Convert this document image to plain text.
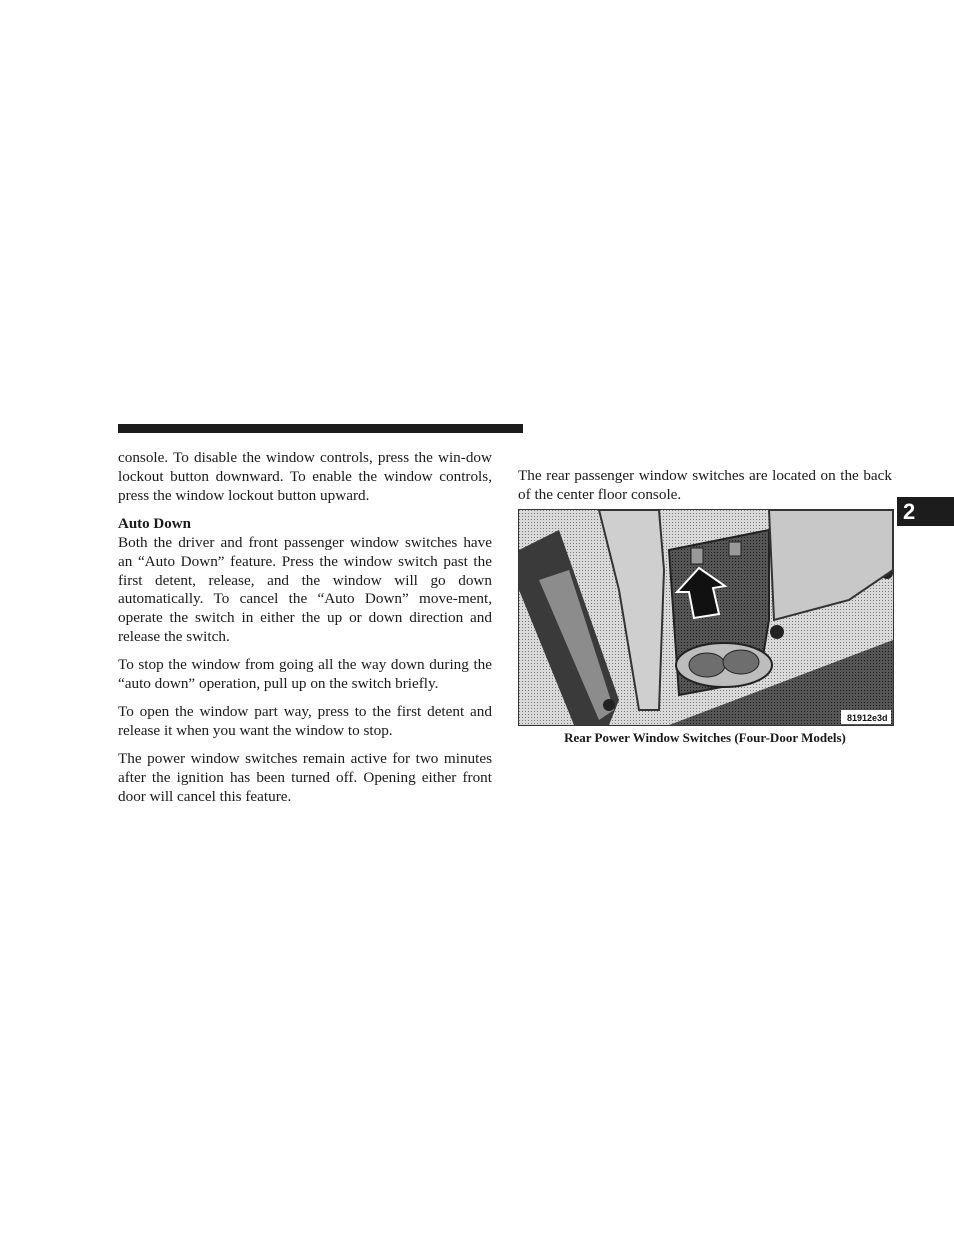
console. To disable the window controls, press the win-dow lockout button downward. To enable the window controls, press the window lockout button upward.

Auto Down

Both the driver and front passenger window switches have an “Auto Down” feature. Press the window switch past the first detent, release, and the window will go down automatically. To cancel the “Auto Down” move-ment, operate the switch in either the up or down direction and release the switch.

To stop the window from going all the way down during the “auto down” operation, pull up on the switch briefly.

To open the window part way, press to the first detent and release it when you want the window to stop.

The power window switches remain active for two minutes after the ignition has been turned off. Opening either front door will cancel this feature.

The rear passenger window switches are located on the back of the center floor console.

81912e3d
Rear Power Window Switches (Four-Door Models)
2
